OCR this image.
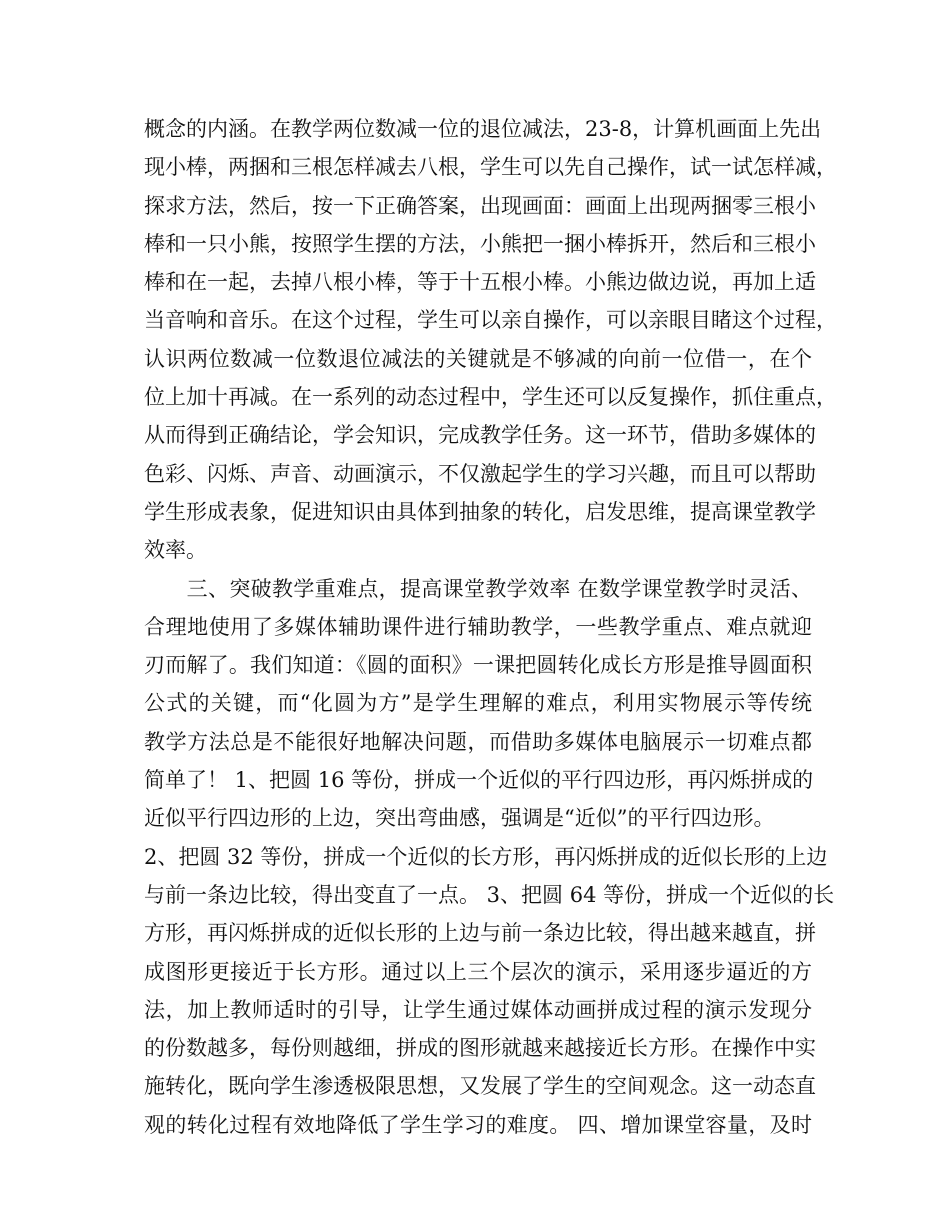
概念的内涵。在教学两位数减一位的退位减法，23-8，计算机画面上先出
现小棒，两捆和三根怎样减去八根，学生可以先自己操作，试一试怎样减，
探求方法，然后，按一下正确答案，出现画面：画面上出现两捆零三根小
棒和一只小熊，按照学生摆的方法，小熊把一捆小棒拆开，然后和三根小
棒和在一起，去掉八根小棒，等于十五根小棒。小熊边做边说，再加上适
当音响和音乐。在这个过程，学生可以亲自操作，可以亲眼目睹这个过程，
认识两位数减一位数退位减法的关键就是不够减的向前一位借一，在个
位上加十再减。在一系列的动态过程中，学生还可以反复操作，抓住重点，
从而得到正确结论，学会知识，完成教学任务。这一环节，借助多媒体的
色彩、闪烁、声音、动画演示，不仅激起学生的学习兴趣，而且可以帮助
学生形成表象，促进知识由具体到抽象的转化，启发思维，提高课堂教学
效率。
　　三、突破教学重难点，提高课堂教学效率 在数学课堂教学时灵活、
合理地使用了多媒体辅助课件进行辅助教学，一些教学重点、难点就迎
刃而解了。我们知道：《圆的面积》一课把圆转化成长方形是推导圆面积
公式的关键，而“化圆为方”是学生理解的难点，利用实物展示等传统
教学方法总是不能很好地解决问题，而借助多媒体电脑展示一切难点都
简单了！ 1、把圆 16 等份，拼成一个近似的平行四边形，再闪烁拼成的
近似平行四边形的上边，突出弯曲感，强调是“近似”的平行四边形。
2、把圆 32 等份，拼成一个近似的长方形，再闪烁拼成的近似长形的上边
与前一条边比较，得出变直了一点。 3、把圆 64 等份，拼成一个近似的长
方形，再闪烁拼成的近似长形的上边与前一条边比较，得出越来越直，拼
成图形更接近于长方形。通过以上三个层次的演示，采用逐步逼近的方
法，加上教师适时的引导，让学生通过媒体动画拼成过程的演示发现分
的份数越多，每份则越细，拼成的图形就越来越接近长方形。在操作中实
施转化，既向学生渗透极限思想，又发展了学生的空间观念。这一动态直
观的转化过程有效地降低了学生学习的难度。 四、增加课堂容量，及时
